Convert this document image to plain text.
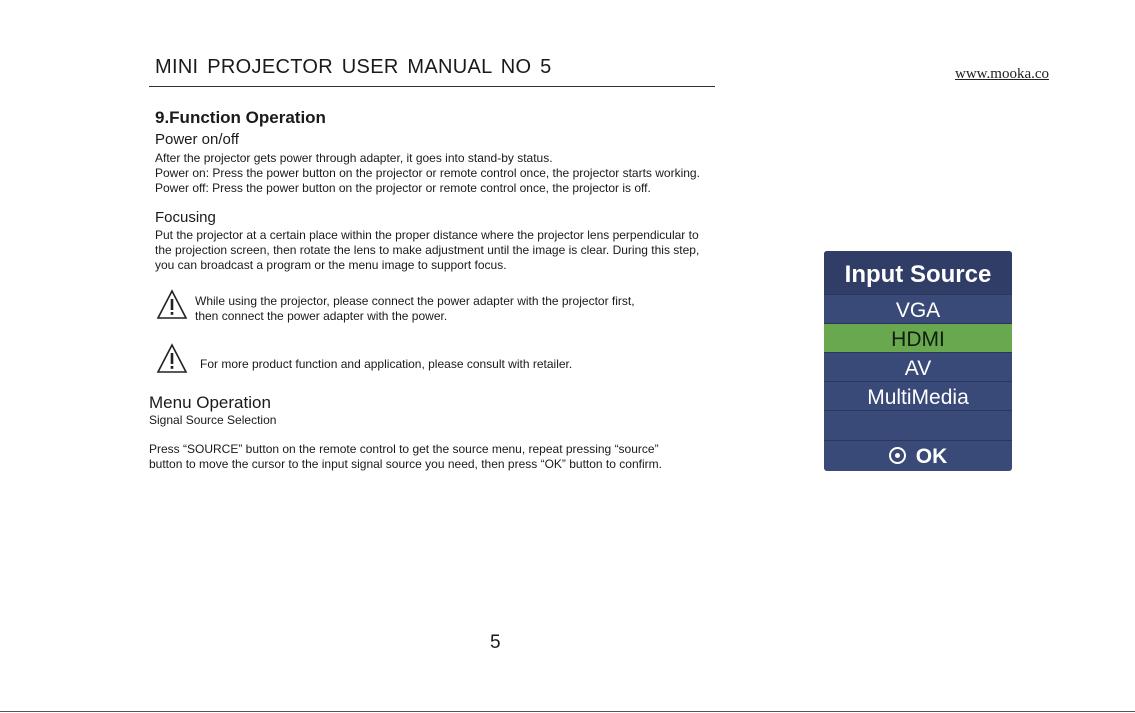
MINI PROJECTOR USER MANUAL NO 5	www.mooka.co
9.Function Operation
Power on/off
After the projector gets power through adapter, it goes into stand-by status.
Power on: Press the power button on the projector or remote control once, the projector starts working.
Power off: Press the power button on the projector or remote control once, the projector is off.
Focusing
Put the projector at a certain place within the proper distance where the projector lens perpendicular to
the projection screen, then rotate the lens to make adjustment until the image is clear. During this step,
you can broadcast a program or the menu image to support focus.
While using the projector, please connect the power adapter with the projector first,
then connect the power adapter with the power.
For more product function and application, please consult with retailer.
Menu Operation
Signal Source Selection
Press “SOURCE” button on the remote control to get the source menu, repeat pressing “source”
button to move the cursor to the input signal source you need, then press “OK” button to confirm.
Input Source
VGA
HDMI
AV
MultiMedia
OK
5
